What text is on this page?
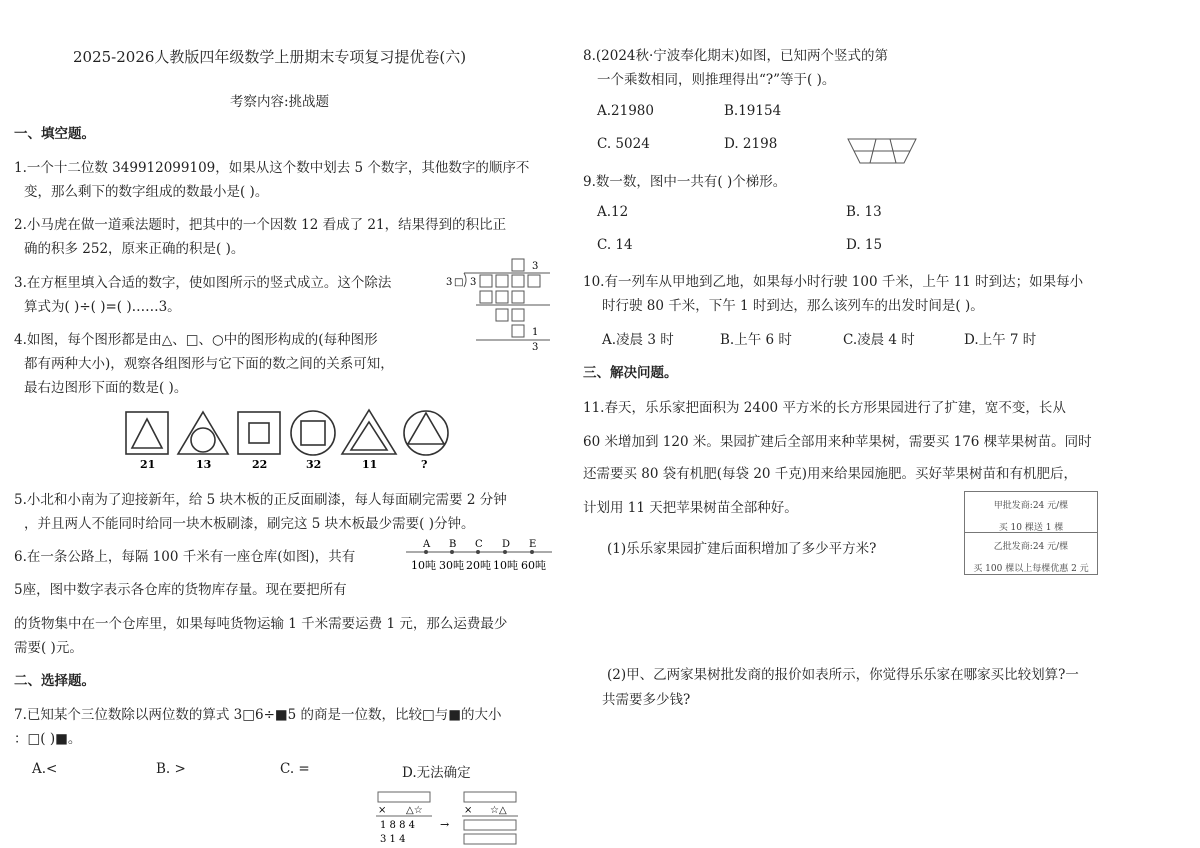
2025-2026人教版四年级数学上册期末专项复习提优卷(六)
考察内容:挑战题
一、填空题。
1.一个十二位数 349912099109，如果从这个数中划去 5 个数字，其他数字的顺序不
变，那么剩下的数字组成的数最小是( )。
2.小马虎在做一道乘法题时，把其中的一个因数 12 看成了 21，结果得到的积比正
确的积多 252，原来正确的积是( )。
3.在方框里填入合适的数字，使如图所示的竖式成立。这个除法
算式为( )÷( )=( )……3。
3 □ 3
3
1
3
4.如图，每个图形都是由△、□、○中的图形构成的(每种图形
都有两种大小)，观察各组图形与它下面的数之间的关系可知，
最右边图形下面的数是( )。
21	13	22	32	11	?
5.小北和小南为了迎接新年，给 5 块木板的正反面刷漆，每人每面刷完需要 2 分钟
，并且两人不能同时给同一块木板刷漆，刷完这 5 块木板最少需要( )分钟。
6.在一条公路上，每隔 100 千米有一座仓库(如图)，共有
A B C D E
10吨 30吨 20吨 10吨 60吨
5座，图中数字表示各仓库的货物库存量。现在要把所有
的货物集中在一个仓库里，如果每吨货物运输 1 千米需要运费 1 元，那么运费最少
需要( )元。
二、选择题。
7.已知某个三位数除以两位数的算式 3□6÷■5 的商是一位数，比较□与■的大小
：□( )■。
A.<	B. >	C. =	D.无法确定
× △☆	× ☆△
1 8 8 4
3 1 4
→
8.(2024秋·宁波奉化期末)如图，已知两个竖式的第
一个乘数相同，则推理得出“?”等于( )。
A.21980	B.19154
C. 5024	D. 2198
9.数一数，图中一共有( )个梯形。
A.12	B. 13
C. 14	D. 15
10.有一列车从甲地到乙地，如果每小时行驶 100 千米，上午 11 时到达；如果每小
时行驶 80 千米，下午 1 时到达，那么该列车的出发时间是( )。
A.凌晨 3 时	B.上午 6 时	C.凌晨 4 时	D.上午 7 时
三、解决问题。
11.春天，乐乐家把面积为 2400 平方米的长方形果园进行了扩建，宽不变，长从
60 米增加到 120 米。果园扩建后全部用来种苹果树，需要买 176 棵苹果树苗。同时
还需要买 80 袋有机肥(每袋 20 千克)用来给果园施肥。买好苹果树苗和有机肥后，
计划用 11 天把苹果树苗全部种好。	甲批发商:24 元/棵
买 10 棵送 1 棵
乙批发商:24 元/棵
买 100 棵以上每棵优惠 2 元
(1)乐乐家果园扩建后面积增加了多少平方米?
(2)甲、乙两家果树批发商的报价如表所示，你觉得乐乐家在哪家买比较划算?一
共需要多少钱?
